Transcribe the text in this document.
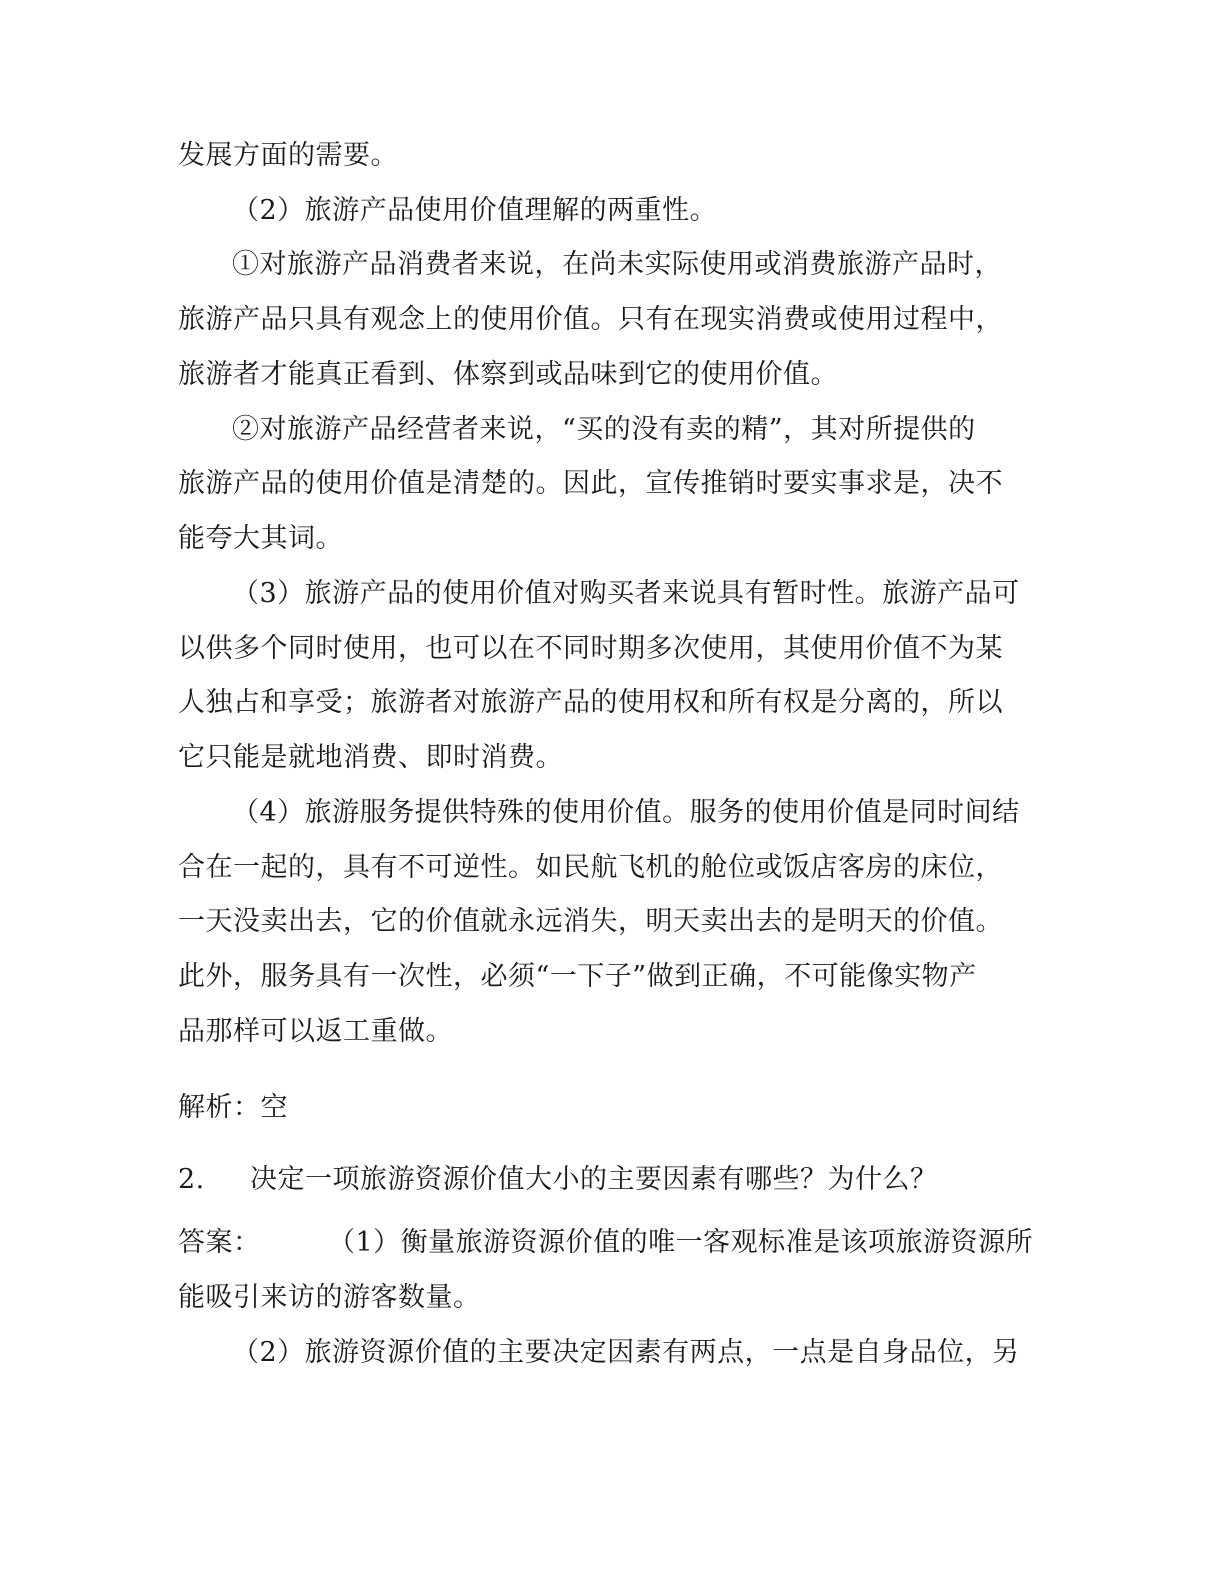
发展方面的需要。
（2）旅游产品使用价值理解的两重性。
①对旅游产品消费者来说，在尚未实际使用或消费旅游产品时，
旅游产品只具有观念上的使用价值。只有在现实消费或使用过程中，
旅游者才能真正看到、体察到或品味到它的使用价值。
②对旅游产品经营者来说，“买的没有卖的精”，其对所提供的
旅游产品的使用价值是清楚的。因此，宣传推销时要实事求是，决不
能夸大其词。
（3）旅游产品的使用价值对购买者来说具有暂时性。旅游产品可
以供多个同时使用，也可以在不同时期多次使用，其使用价值不为某
人独占和享受；旅游者对旅游产品的使用权和所有权是分离的，所以
它只能是就地消费、即时消费。
（4）旅游服务提供特殊的使用价值。服务的使用价值是同时间结
合在一起的，具有不可逆性。如民航飞机的舱位或饭店客房的床位，
一天没卖出去，它的价值就永远消失，明天卖出去的是明天的价值。
此外，服务具有一次性，必须“一下子”做到正确，不可能像实物产
品那样可以返工重做。
解析：空
2. 决定一项旅游资源价值大小的主要因素有哪些？为什么？
答案：	（1）衡量旅游资源价值的唯一客观标准是该项旅游资源所
能吸引来访的游客数量。
（2）旅游资源价值的主要决定因素有两点，一点是自身品位，另
